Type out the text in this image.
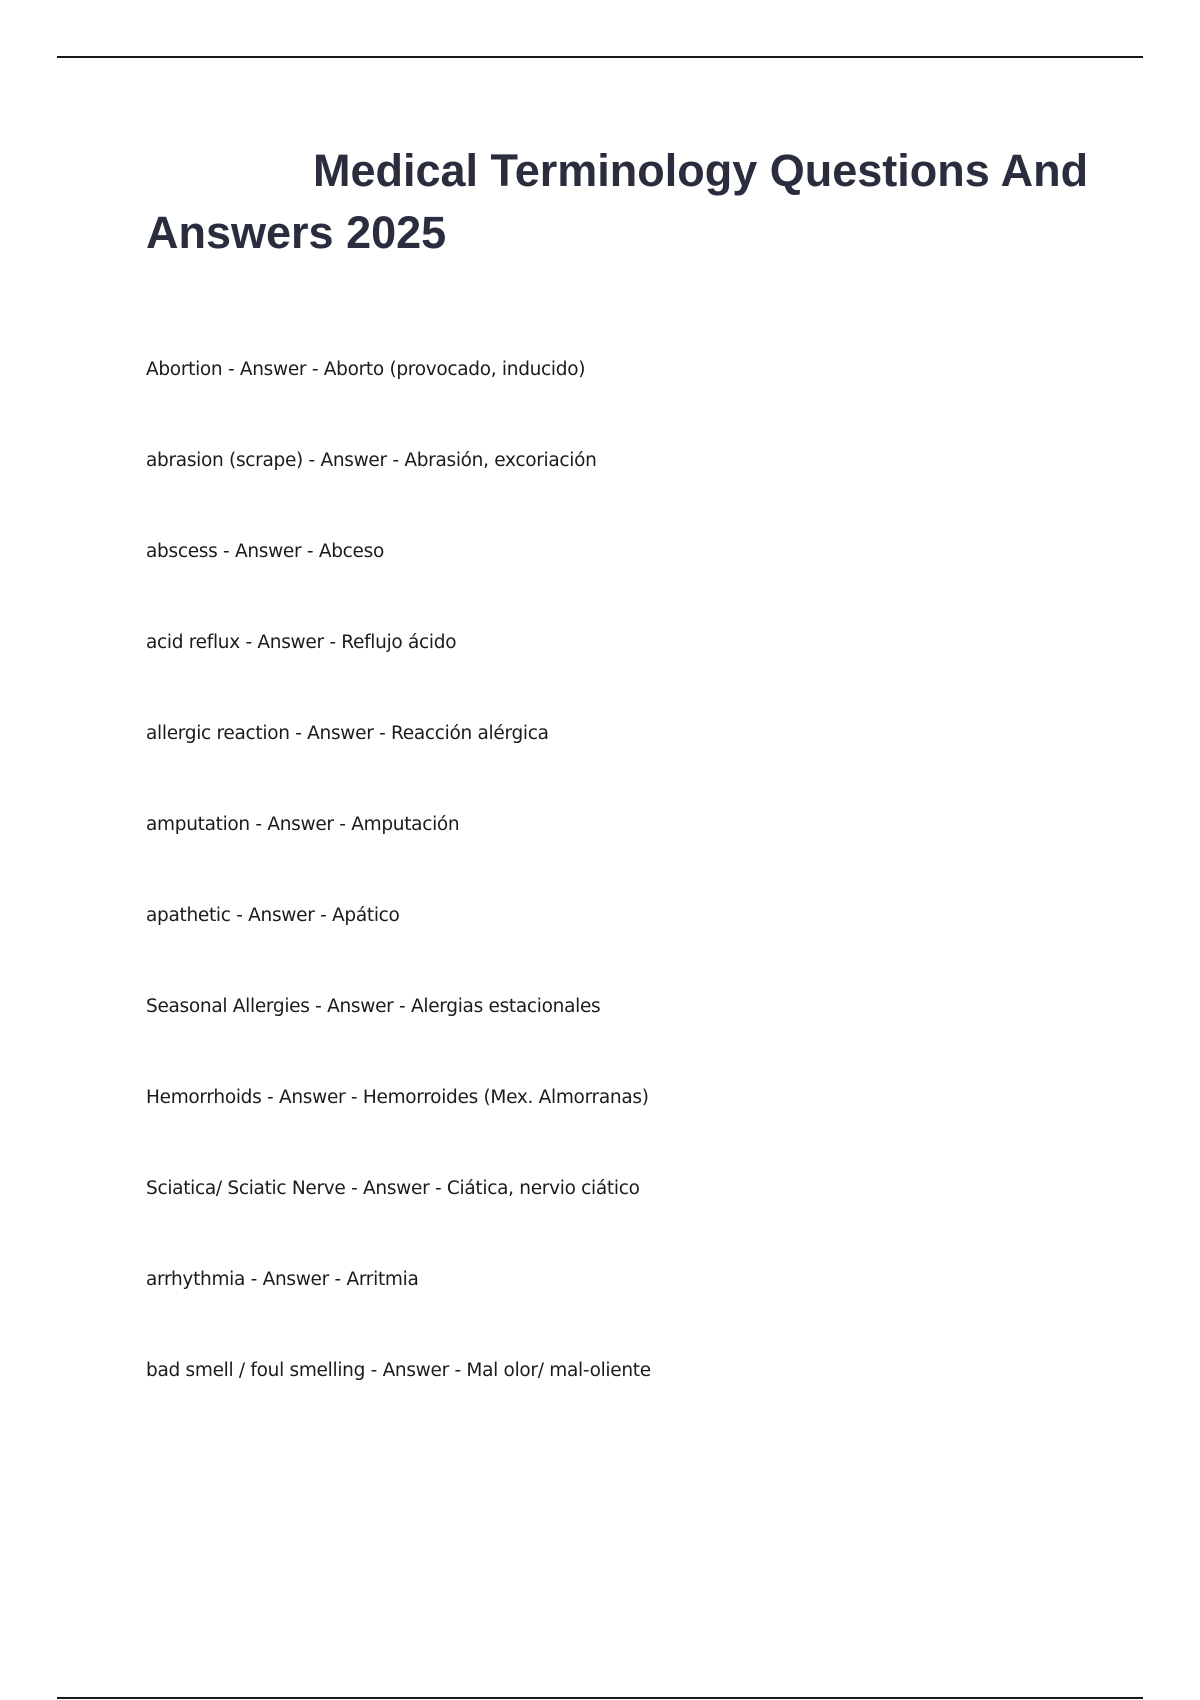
Medical Terminology Questions And Answers 2025
Abortion - Answer - Aborto (provocado, inducido)
abrasion (scrape) - Answer - Abrasión, excoriación
abscess - Answer - Abceso
acid reflux - Answer - Reflujo ácido
allergic reaction - Answer - Reacción alérgica
amputation - Answer - Amputación
apathetic - Answer - Apático
Seasonal Allergies - Answer - Alergias estacionales
Hemorrhoids - Answer - Hemorroides (Mex. Almorranas)
Sciatica/ Sciatic Nerve - Answer - Ciática, nervio ciático
arrhythmia - Answer - Arritmia
bad smell / foul smelling - Answer - Mal olor/ mal-oliente
